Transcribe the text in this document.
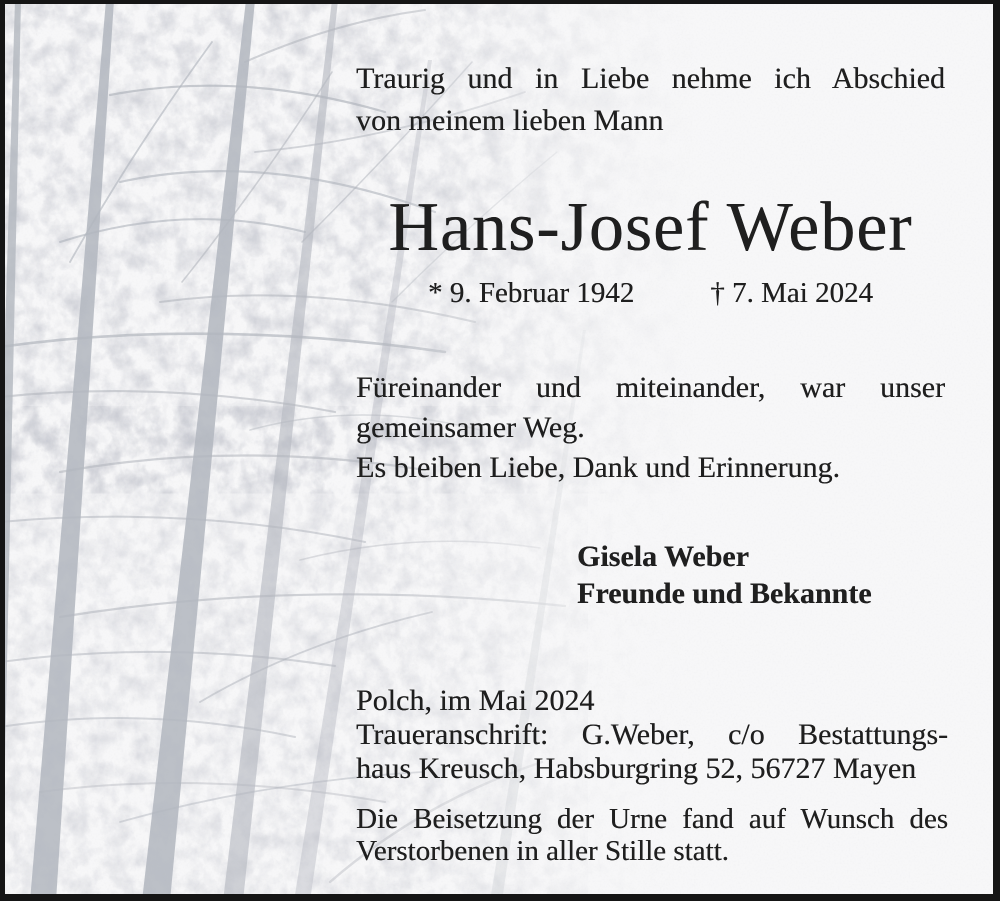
Traurig und in Liebe nehme ich Abschied
von meinem lieben Mann
Hans-Josef Weber
* 9. Februar 1942	† 7. Mai 2024
Füreinander und miteinander, war unser
gemeinsamer Weg.
Es bleiben Liebe, Dank und Erinnerung.
Gisela Weber
Freunde und Bekannte
Polch, im Mai 2024
Traueranschrift: G.Weber, c/o Bestattungs-
haus Kreusch, Habsburgring 52, 56727 Mayen
Die Beisetzung der Urne fand auf Wunsch des
Verstorbenen in aller Stille statt.
